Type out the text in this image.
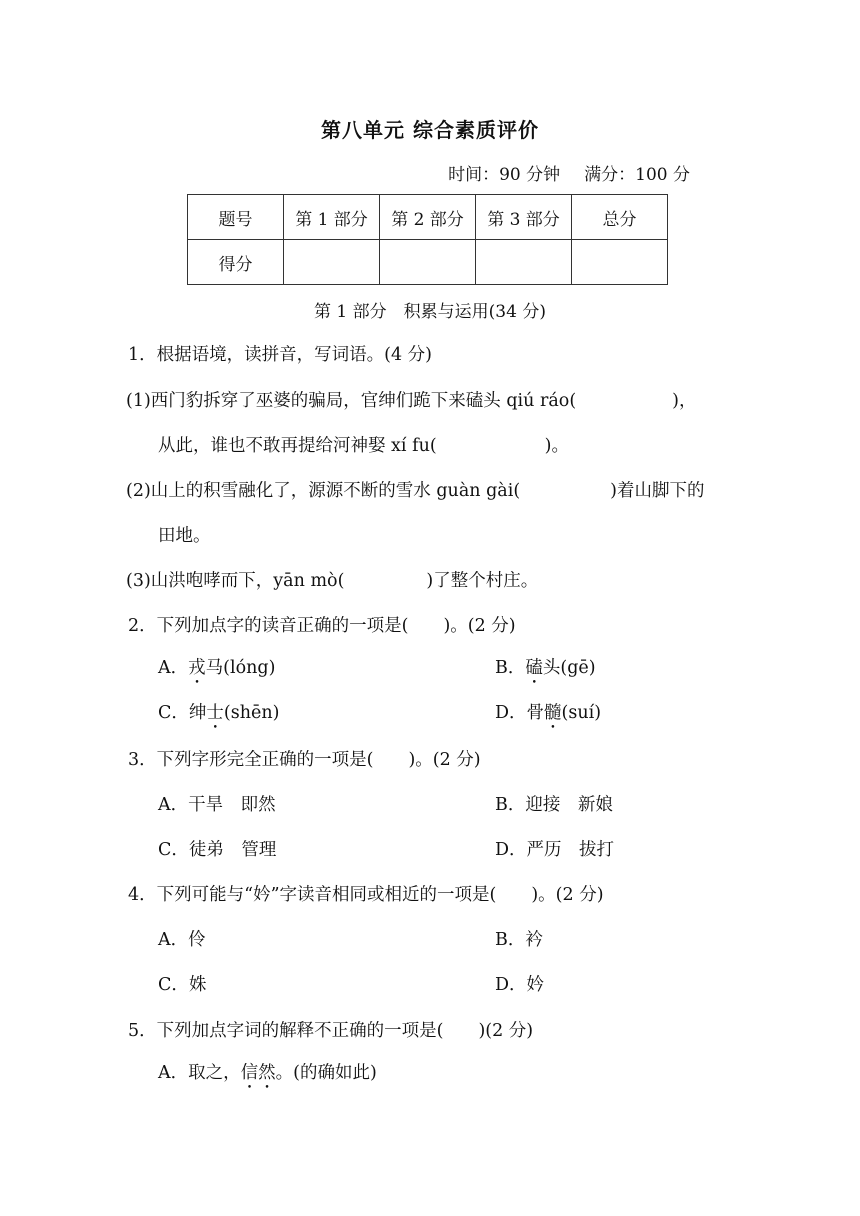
第八单元 综合素质评价
时间：90 分钟 满分：100 分
题号	第 1 部分	第 2 部分	第 3 部分	总分
得分				
第 1 部分　积累与运用(34 分)
1．根据语境，读拼音，写词语。(4 分)
(1)西门豹拆穿了巫婆的骗局，官绅们跪下来磕头 qiú ráo(	)，
从此，谁也不敢再提给河神娶 xí fu(	)。
(2)山上的积雪融化了，源源不断的雪水 guàn gài(	)着山脚下的
田地。
(3)山洪咆哮而下，yān mò(	)了整个村庄。
2．下列加点字的读音正确的一项是(　　)。(2 分)
A．戎马(lóng)	B．磕头(gē)
C．绅士(shēn)	D．骨髓(suí)
3．下列字形完全正确的一项是(　　)。(2 分)
A．干旱　即然	B．迎接　新娘
C．徒弟　管理	D．严历　拔打
4．下列可能与“妗”字读音相同或相近的一项是(　　)。(2 分)
A．伶	B．衿
C．姝	D．妗
5．下列加点字词的解释不正确的一项是(　　)(2 分)
A．取之，信然。(的确如此)
